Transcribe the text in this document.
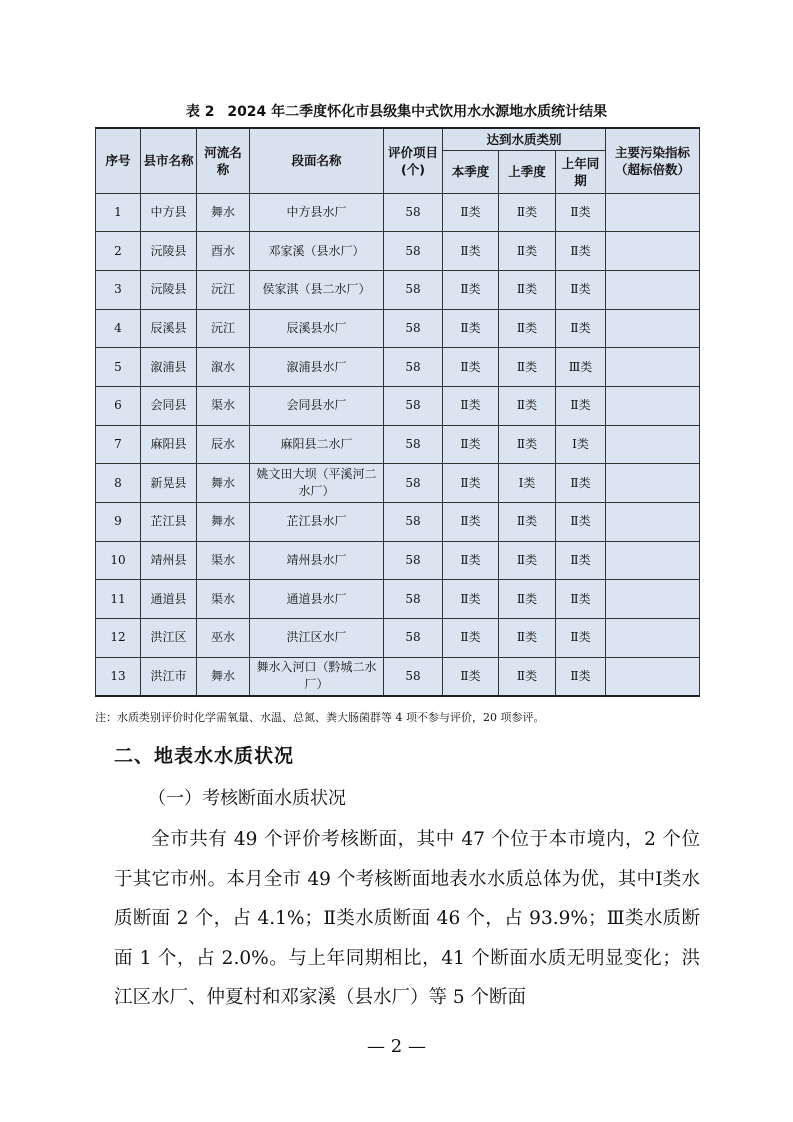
表 2 2024 年二季度怀化市县级集中式饮用水水源地水质统计结果
序号	县市名称	河流名称	段面名称	评价项目(个)	达到水质类别			主要污染指标（超标倍数）
					本季度	上季度	上年同期	
1	中方县	舞水	中方县水厂	58	Ⅱ类	Ⅱ类	Ⅱ类	
2	沅陵县	酉水	邓家溪（县水厂）	58	Ⅱ类	Ⅱ类	Ⅱ类	
3	沅陵县	沅江	侯家淇（县二水厂）	58	Ⅱ类	Ⅱ类	Ⅱ类	
4	辰溪县	沅江	辰溪县水厂	58	Ⅱ类	Ⅱ类	Ⅱ类	
5	溆浦县	溆水	溆浦县水厂	58	Ⅱ类	Ⅱ类	Ⅲ类	
6	会同县	渠水	会同县水厂	58	Ⅱ类	Ⅱ类	Ⅱ类	
7	麻阳县	辰水	麻阳县二水厂	58	Ⅱ类	Ⅱ类	Ⅰ类	
8	新晃县	舞水	姚文田大坝（平溪河二水厂）	58	Ⅱ类	Ⅰ类	Ⅱ类	
9	芷江县	舞水	芷江县水厂	58	Ⅱ类	Ⅱ类	Ⅱ类	
10	靖州县	渠水	靖州县水厂	58	Ⅱ类	Ⅱ类	Ⅱ类	
11	通道县	渠水	通道县水厂	58	Ⅱ类	Ⅱ类	Ⅱ类	
12	洪江区	巫水	洪江区水厂	58	Ⅱ类	Ⅱ类	Ⅱ类	
13	洪江市	舞水	舞水入河口（黔城二水厂）	58	Ⅱ类	Ⅱ类	Ⅱ类	
注：水质类别评价时化学需氧量、水温、总氮、粪大肠菌群等 4 项不参与评价，20 项参评。
二、地表水水质状况
（一）考核断面水质状况
全市共有 49 个评价考核断面，其中 47 个位于本市境内，2 个位于其它市州。本月全市 49 个考核断面地表水水质总体为优，其中Ⅰ类水质断面 2 个，占 4.1%；Ⅱ类水质断面 46 个，占 93.9%；Ⅲ类水质断面 1 个，占 2.0%。与上年同期相比，41 个断面水质无明显变化；洪江区水厂、仲夏村和邓家溪（县水厂）等 5 个断面
— 2 —
